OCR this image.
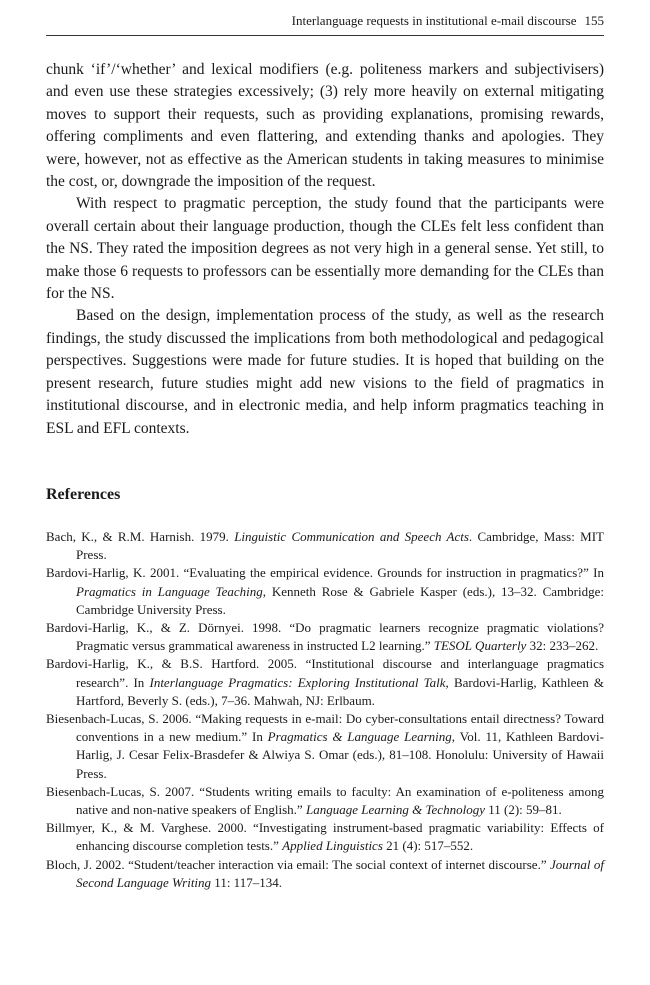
Interlanguage requests in institutional e-mail discourse 155

chunk ‘if’/‘whether’ and lexical modifiers (e.g. politeness markers and subjectivisers) and even use these strategies excessively; (3) rely more heavily on external mitigating moves to support their requests, such as providing explanations, promising rewards, offering compliments and even flattering, and extending thanks and apologies. They were, however, not as effective as the American students in taking measures to minimise the cost, or, downgrade the imposition of the request.

With respect to pragmatic perception, the study found that the participants were overall certain about their language production, though the CLEs felt less confident than the NS. They rated the imposition degrees as not very high in a general sense. Yet still, to make those 6 requests to professors can be essentially more demanding for the CLEs than for the NS.

Based on the design, implementation process of the study, as well as the research findings, the study discussed the implications from both methodological and pedagogical perspectives. Suggestions were made for future studies. It is hoped that building on the present research, future studies might add new visions to the field of pragmatics in institutional discourse, and in electronic media, and help inform pragmatics teaching in ESL and EFL contexts.

References

Bach, K., & R.M. Harnish. 1979. Linguistic Communication and Speech Acts. Cambridge, Mass: MIT Press.

Bardovi-Harlig, K. 2001. “Evaluating the empirical evidence. Grounds for instruction in pragmatics?” In Pragmatics in Language Teaching, Kenneth Rose & Gabriele Kasper (eds.), 13–32. Cambridge: Cambridge University Press.

Bardovi-Harlig, K., & Z. Dörnyei. 1998. “Do pragmatic learners recognize pragmatic violations? Pragmatic versus grammatical awareness in instructed L2 learning.” TESOL Quarterly 32: 233–262.

Bardovi-Harlig, K., & B.S. Hartford. 2005. “Institutional discourse and interlanguage pragmatics research”. In Interlanguage Pragmatics: Exploring Institutional Talk, Bardovi-Harlig, Kathleen & Hartford, Beverly S. (eds.), 7–36. Mahwah, NJ: Erlbaum.

Biesenbach-Lucas, S. 2006. “Making requests in e-mail: Do cyber-consultations entail directness? Toward conventions in a new medium.” In Pragmatics & Language Learning, Vol. 11, Kathleen Bardovi-Harlig, J. Cesar Felix-Brasdefer & Alwiya S. Omar (eds.), 81–108. Honolulu: University of Hawaii Press.

Biesenbach-Lucas, S. 2007. “Students writing emails to faculty: An examination of e-politeness among native and non-native speakers of English.” Language Learning & Technology 11 (2): 59–81.

Billmyer, K., & M. Varghese. 2000. “Investigating instrument-based pragmatic variability: Effects of enhancing discourse completion tests.” Applied Linguistics 21 (4): 517–552.

Bloch, J. 2002. “Student/teacher interaction via email: The social context of internet discourse.” Journal of Second Language Writing 11: 117–134.
